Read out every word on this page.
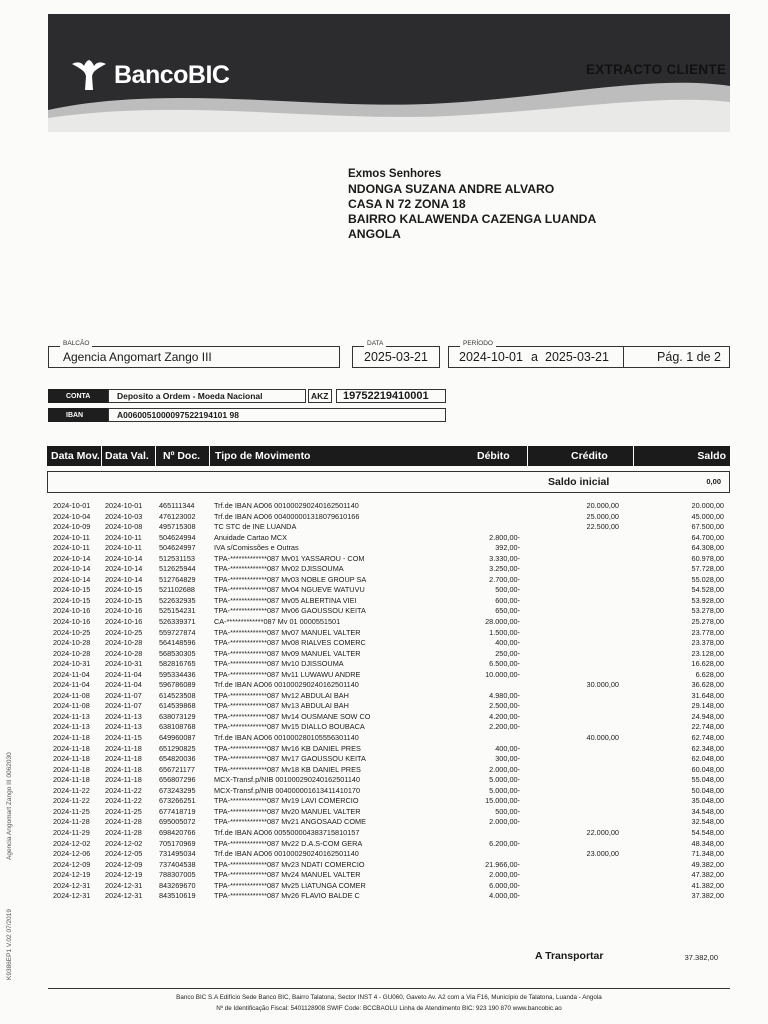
BancoBIC	EXTRACTO CLIENTE
Exmos Senhores
NDONGA SUZANA ANDRE ALVARO
CASA N 72 ZONA 18
BAIRRO KALAWENDA CAZENGA LUANDA
ANGOLA
Agencia Angomart Zango III
BALCÃO
2025-03-21
DATA
2024-10-01 a 2025-03-21	Pág. 1 de 2
PERÍODO
CONTA	Deposito a Ordem - Moeda Nacional	AKZ	19752219410001
IBAN	A0060051000097522194101 98
Data Mov. Data Val. Nº Doc. Tipo de Movimento	Débito	Crédito	Saldo
Saldo inicial	0,00
2024-10-01 2024-10-01 465111344	Trf.de IBAN AO06 001000290240162501140	20.000,00	20.000,00
2024-10-04 2024-10-03 476123002	Trf.de IBAN AO06 004000001318079610166	25.000,00	45.000,00
2024-10-09 2024-10-08 495715308	TC STC de INE LUANDA	22.500,00	67.500,00
2024-10-11 2024-10-11 504624994	Anuidade Cartao MCX	2.800,00-	64.700,00
2024-10-11 2024-10-11 504624997	IVA s/Comissões e Outras	392,00-	64.308,00
2024-10-14 2024-10-14 512531153	TPA-*************087 Mv01 YASSAROU - COM	3.330,00-	60.978,00
2024-10-14 2024-10-14 512625944	TPA-*************087 Mv02 DJISSOUMA	3.250,00-	57.728,00
2024-10-14 2024-10-14 512764829	TPA-*************087 Mv03 NOBLE GROUP SA	2.700,00-	55.028,00
2024-10-15 2024-10-15 521102688	TPA-*************087 Mv04 NGUEVE WATUVU	500,00-	54.528,00
2024-10-15 2024-10-15 522632935	TPA-*************087 Mv05 ALBERTINA VIEI	600,00-	53.928,00
2024-10-16 2024-10-16 525154231	TPA-*************087 Mv06 GAOUSSOU KEITA	650,00-	53.278,00
2024-10-16 2024-10-16 526339371	CA-*************087 Mv 01 0000551501	28.000,00-	25.278,00
2024-10-25 2024-10-25 559727874	TPA-*************087 Mv07 MANUEL VALTER	1.500,00-	23.778,00
2024-10-28 2024-10-28 564148596	TPA-*************087 Mv08 RIALVES COMERC	400,00-	23.378,00
2024-10-28 2024-10-28 568530305	TPA-*************087 Mv09 MANUEL VALTER	250,00-	23.128,00
2024-10-31 2024-10-31 582816765	TPA-*************087 Mv10 DJISSOUMA	6.500,00-	16.628,00
2024-11-04 2024-11-04 595334436	TPA-*************087 Mv11 LUWAWU ANDRE	10.000,00-	6.628,00
2024-11-04 2024-11-04 596786089	Trf.de IBAN AO06 001000290240162501140	30.000,00	36.628,00
2024-11-08 2024-11-07 614523508	TPA-*************087 Mv12 ABDULAI BAH	4.980,00-	31.648,00
2024-11-08 2024-11-07 614539868	TPA-*************087 Mv13 ABDULAI BAH	2.500,00-	29.148,00
2024-11-13 2024-11-13 638073129	TPA-*************087 Mv14 OUSMANE SOW CO	4.200,00-	24.948,00
2024-11-13 2024-11-13 638108768	TPA-*************087 Mv15 DIALLO BOUBACA	2.200,00-	22.748,00
2024-11-18 2024-11-15 649960087	Trf.de IBAN AO06 001000280105556301140	40.000,00	62.748,00
2024-11-18 2024-11-18 651290825	TPA-*************087 Mv16 KB DANIEL PRES	400,00-	62.348,00
2024-11-18 2024-11-18 654820036	TPA-*************087 Mv17 GAOUSSOU KEITA	300,00-	62.048,00
2024-11-18 2024-11-18 656721177	TPA-*************087 Mv18 KB DANIEL PRES	2.000,00-	60.048,00
2024-11-18 2024-11-18 656807296	MCX-Transf.p/NIB 001000290240162501140	5.000,00-	55.048,00
2024-11-22 2024-11-22 673243295	MCX-Transf.p/NIB 004000001613411410170	5.000,00-	50.048,00
2024-11-22 2024-11-22 673266251	TPA-*************087 Mv19 LAVI COMERCIO	15.000,00-	35.048,00
2024-11-25 2024-11-25 677418719	TPA-*************087 Mv20 MANUEL VALTER	500,00-	34.548,00
2024-11-28 2024-11-28 695005072	TPA-*************087 Mv21 ANGOSAAD COME	2.000,00-	32.548,00
2024-11-29 2024-11-28 698420766	Trf.de IBAN AO06 005500004383715810157	22.000,00	54.548,00
2024-12-02 2024-12-02 705170969	TPA-*************087 Mv22 D.A.S-COM GERA	6.200,00-	48.348,00
2024-12-06 2024-12-05 731495034	Trf.de IBAN AO06 001000290240162501140	23.000,00	71.348,00
2024-12-09 2024-12-09 737404538	TPA-*************087 Mv23 NDATI COMERCIO	21.966,00-	49.382,00
2024-12-19 2024-12-19 788307005	TPA-*************087 Mv24 MANUEL VALTER	2.000,00-	47.382,00
2024-12-31 2024-12-31 843269670	TPA-*************087 Mv25 LIATUNGA COMER	6.000,00-	41.382,00
2024-12-31 2024-12-31 843510619	TPA-*************087 Mv26 FLAVIO BALDE C	4.000,00-	37.382,00
A Transportar	37.382,00
Banco BIC S.A Edifício Sede Banco BIC, Bairro Talatona, Sector INST 4 - GU060, Gaveto Av. A2 com a Via F16, Município de Talatona, Luanda - Angola
Nº de Identificação Fiscal: 5401128908 SWIF Code: BCCBAOLU Linha de Atendimento BIC: 923 190 870 www.bancobic.ao
Agencia Angomart Zango III 0062030
K9386EP1 V.02 07/2019
